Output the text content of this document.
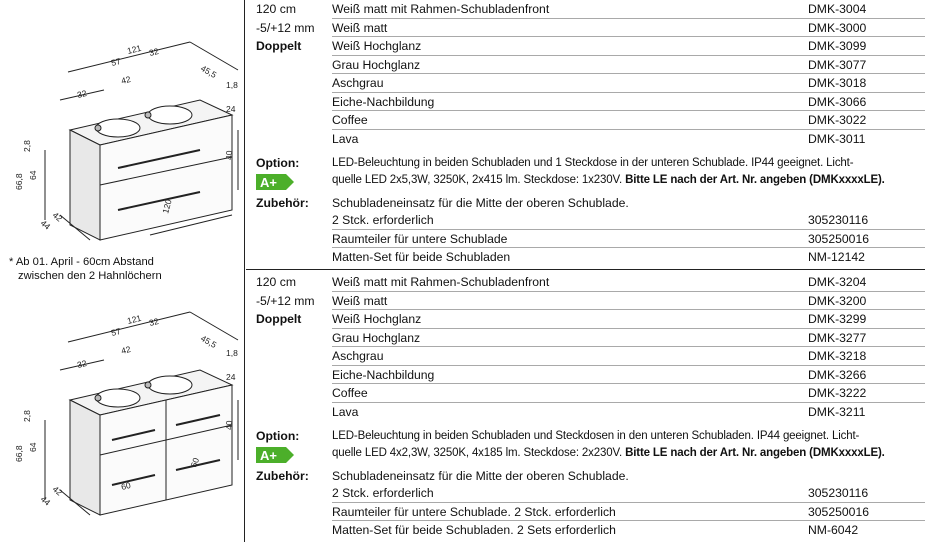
121
57
32
42
32
45,5
1,8
24
2,8
40
66,8 64
42
44
120
* Ab 01. April - 60cm Abstand
zwischen den 2 Hahnlöchern
121
57
32
42
32
45,5
1,8
24
2,8
40
66,8 64
42
44
60
60
120 cm	Weiß matt mit Rahmen-Schubladenfront	DMK-3004
-5/+12 mm Weiß matt	DMK-3000
Doppelt	Weiß Hochglanz	DMK-3099
Grau Hochglanz	DMK-3077
Aschgrau	DMK-3018
Eiche-Nachbildung	DMK-3066
Coffee	DMK-3022
Lava	DMK-3011
Option:
A+
LED-Beleuchtung in beiden Schubladen und 1 Steckdose in der unteren Schublade. IP44 geeignet. Licht-
quelle LED 2x5,3W, 3250K, 2x415 lm. Steckdose: 1x230V. Bitte LE nach der Art. Nr. angeben (DMKxxxxLE).
Zubehör: Schubladeneinsatz für die Mitte der oberen Schublade.
2 Stck. erforderlich	305230116
Raumteiler für untere Schublade	305250016
Matten-Set für beide Schubladen	NM-12142
120 cm	Weiß matt mit Rahmen-Schubladenfront	DMK-3204
-5/+12 mm Weiß matt	DMK-3200
Doppelt	Weiß Hochglanz	DMK-3299
Grau Hochglanz	DMK-3277
Aschgrau	DMK-3218
Eiche-Nachbildung	DMK-3266
Coffee	DMK-3222
Lava	DMK-3211
Option:
A+
LED-Beleuchtung in beiden Schubladen und Steckdosen in den unteren Schubladen. IP44 geeignet. Licht-
quelle LED 4x2,3W, 3250K, 4x185 lm. Steckdose: 2x230V. Bitte LE nach der Art. Nr. angeben (DMKxxxxLE).
Zubehör: Schubladeneinsatz für die Mitte der oberen Schublade.
2 Stck. erforderlich	305230116
Raumteiler für untere Schublade. 2 Stck. erforderlich	305250016
Matten-Set für beide Schubladen. 2 Sets erforderlich	NM-6042
